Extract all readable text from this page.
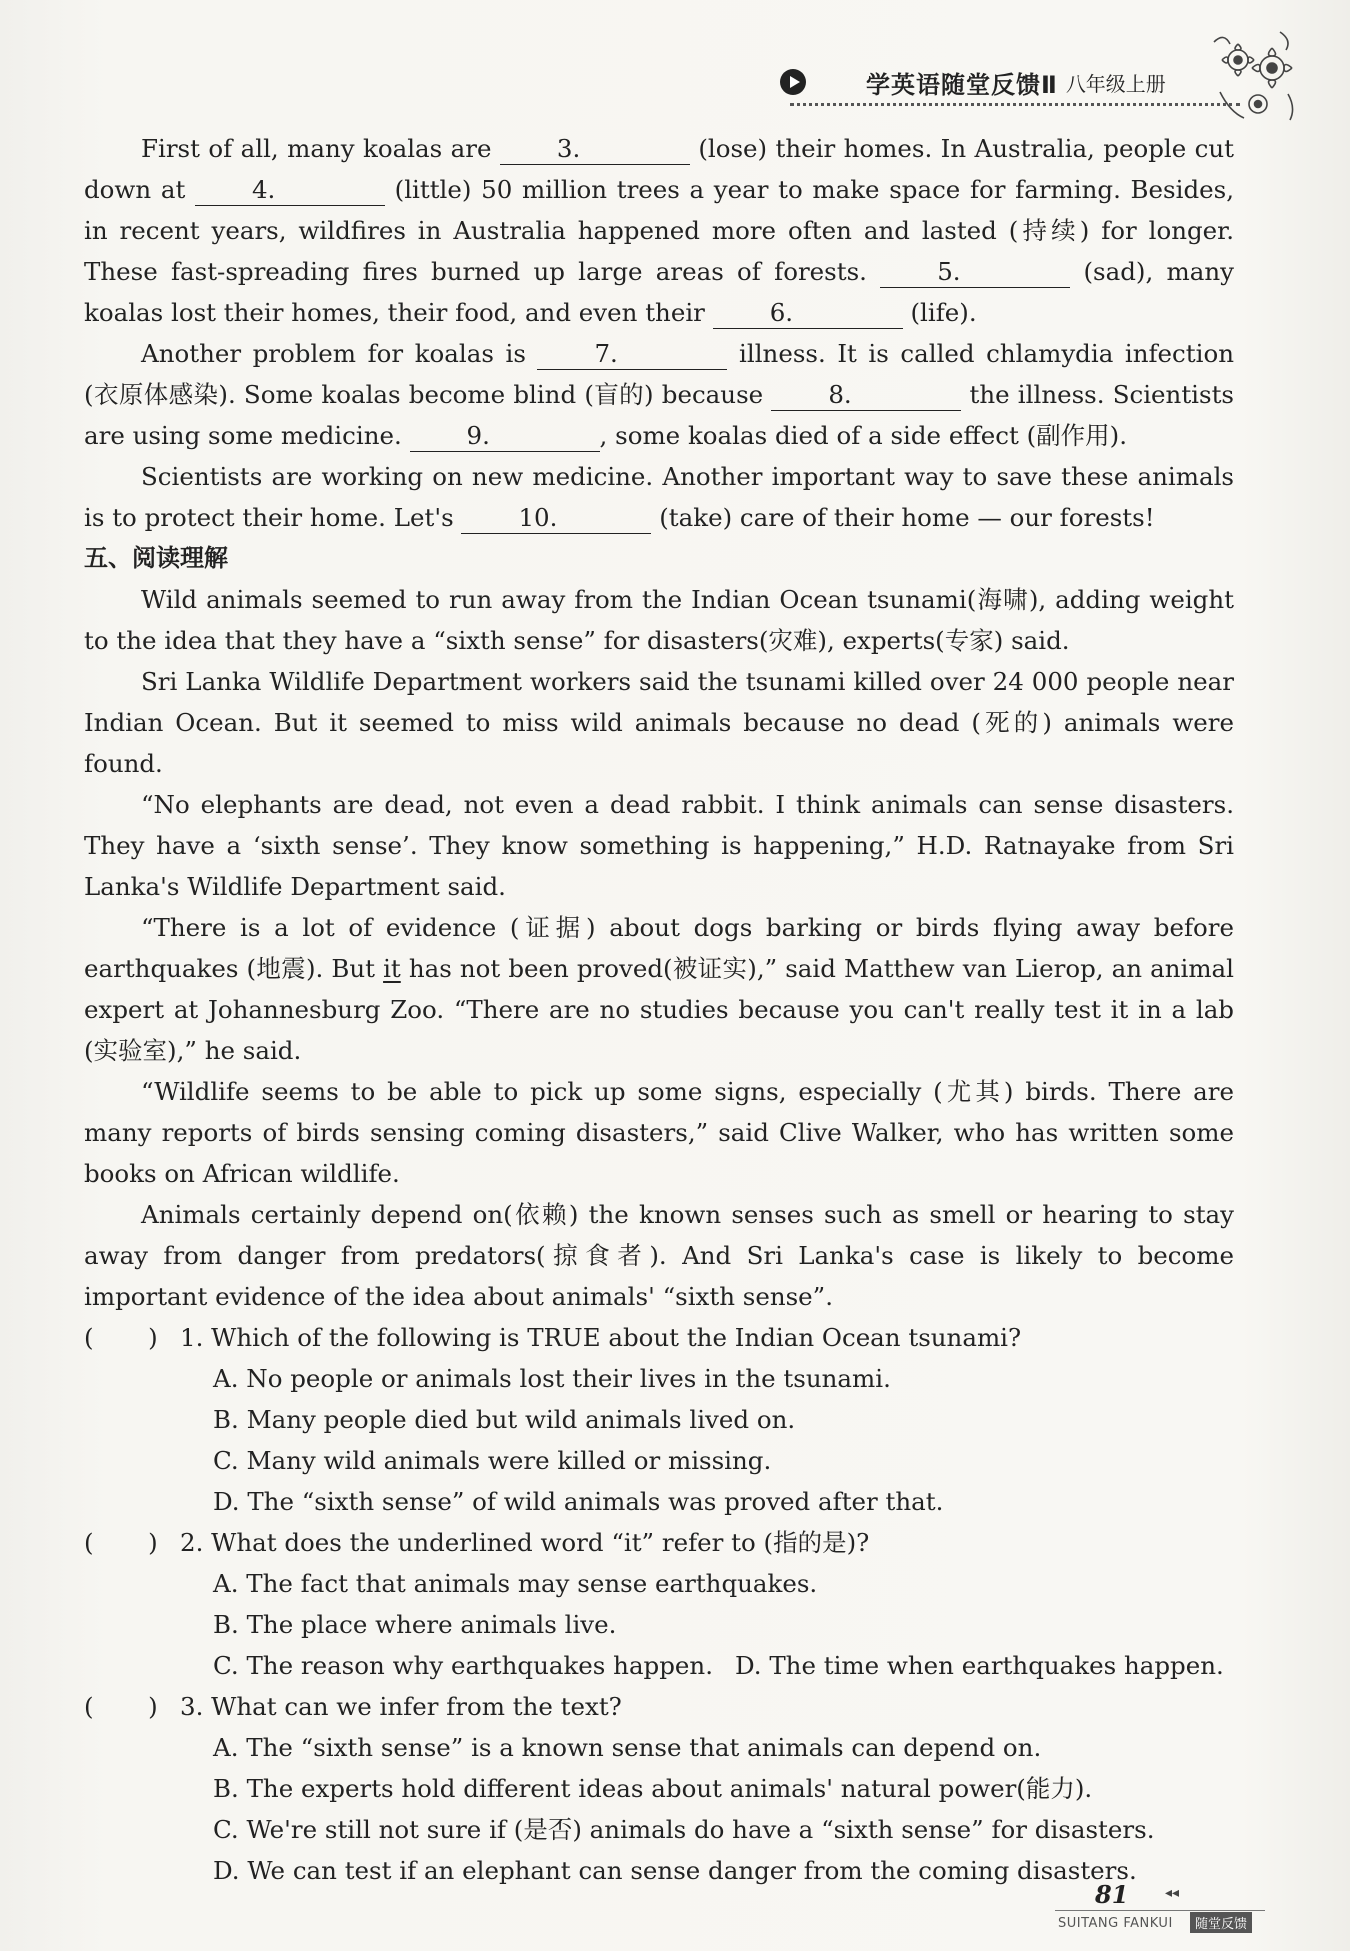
学英语随堂反馈Ⅱ 八年级上册

First of all, many koalas are 3.	(lose) their homes. In Australia, people cut down at 4.	(little) 50 million trees a year to make space for farming. Besides, in recent years, wildfires in Australia happened more often and lasted (持续) for longer. These fast-spreading fires burned up large areas of forests. 5.	(sad), many koalas lost their homes, their food, and even their 6.	(life).

Another problem for koalas is 7.	illness. It is called chlamydia infection (衣原体感染). Some koalas become blind (盲的) because 8.	the illness. Scientists are using some medicine. 9.	, some koalas died of a side effect (副作用).

Scientists are working on new medicine. Another important way to save these animals is to protect their home. Let's 10.	(take) care of their home — our forests!

五、阅读理解

Wild animals seemed to run away from the Indian Ocean tsunami(海啸), adding weight to the idea that they have a “sixth sense” for disasters(灾难), experts(专家) said.

Sri Lanka Wildlife Department workers said the tsunami killed over 24 000 people near Indian Ocean. But it seemed to miss wild animals because no dead (死的) animals were found.

“No elephants are dead, not even a dead rabbit. I think animals can sense disasters. They have a ‘sixth sense’. They know something is happening,” H.D. Ratnayake from Sri Lanka's Wildlife Department said.

“There is a lot of evidence (证据) about dogs barking or birds flying away before earthquakes (地震). But it has not been proved(被证实),” said Matthew van Lierop, an animal expert at Johannesburg Zoo. “There are no studies because you can't really test it in a lab (实验室),” he said.

“Wildlife seems to be able to pick up some signs, especially (尤其) birds. There are many reports of birds sensing coming disasters,” said Clive Walker, who has written some books on African wildlife.

Animals certainly depend on(依赖) the known senses such as smell or hearing to stay away from danger from predators(掠食者). And Sri Lanka's case is likely to become important evidence of the idea about animals' “sixth sense”.

(       ) 1. Which of the following is TRUE about the Indian Ocean tsunami?
A. No people or animals lost their lives in the tsunami.
B. Many people died but wild animals lived on.
C. Many wild animals were killed or missing.
D. The “sixth sense” of wild animals was proved after that.
(       ) 2. What does the underlined word “it” refer to (指的是)?
A. The fact that animals may sense earthquakes.
B. The place where animals live.
C. The reason why earthquakes happen. D. The time when earthquakes happen.
(       ) 3. What can we infer from the text?
A. The “sixth sense” is a known sense that animals can depend on.
B. The experts hold different ideas about animals' natural power(能力).
C. We're still not sure if (是否) animals do have a “sixth sense” for disasters.
D. We can test if an elephant can sense danger from the coming disasters.
81	◂◂
SUITANG FANKUI	随堂反馈
